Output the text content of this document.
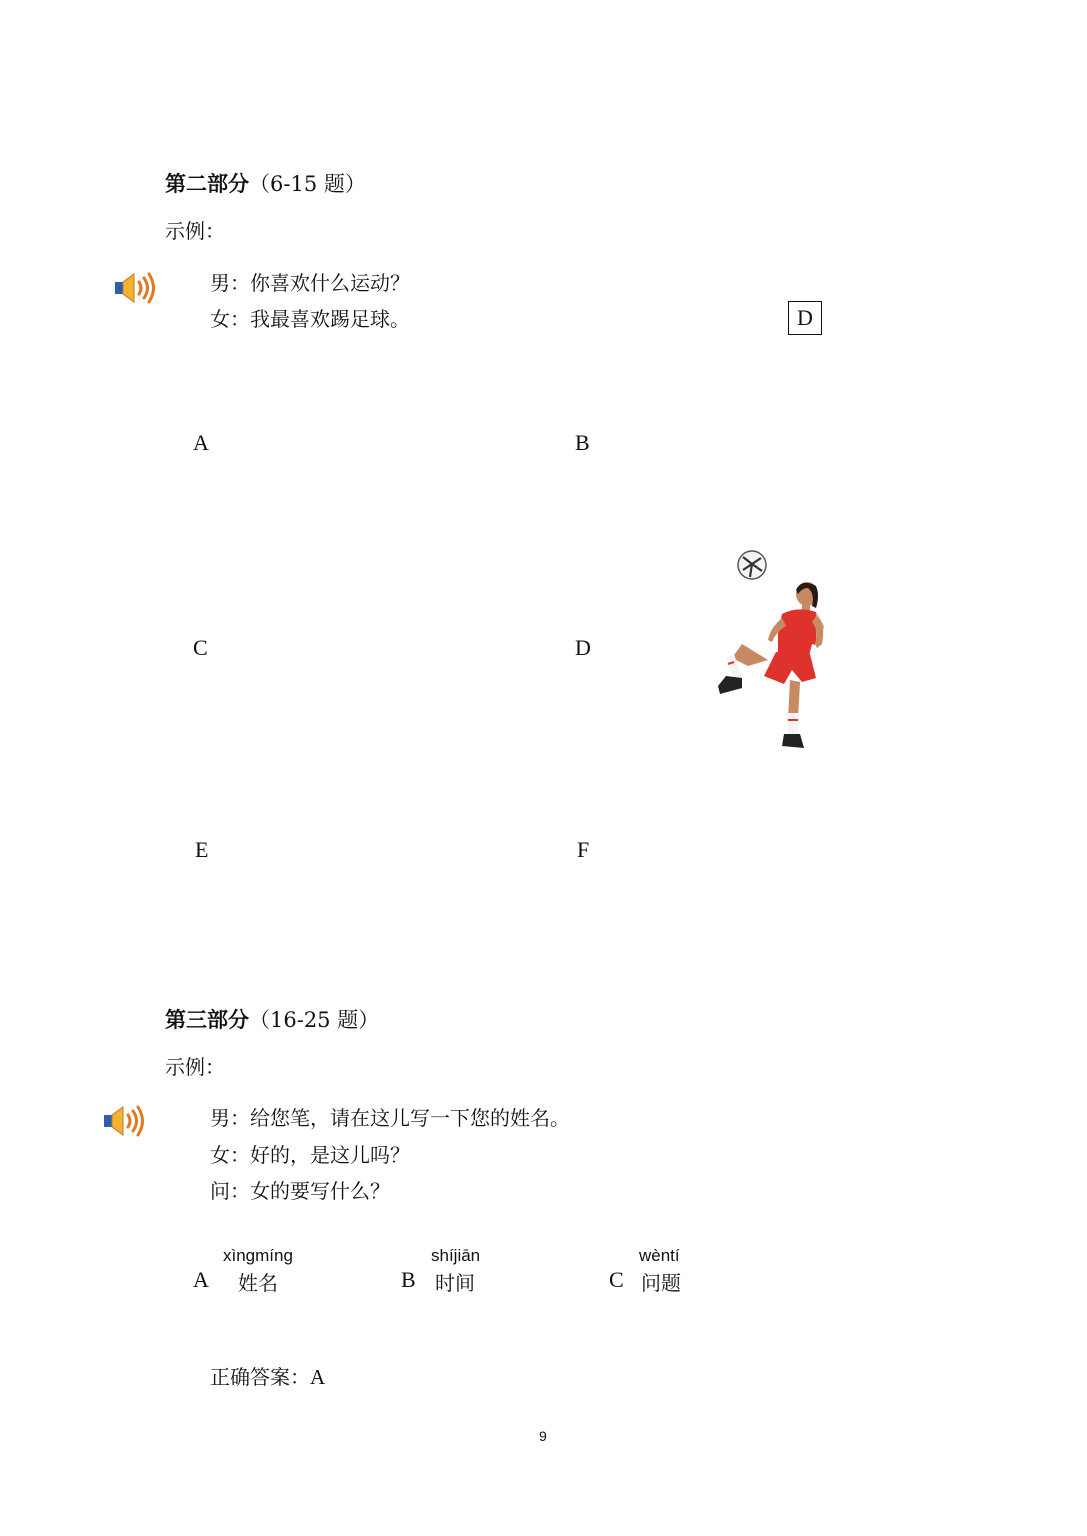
第二部分（6-15 题）
示例：
男：你喜欢什么运动？
女：我最喜欢踢足球。	D
A	B
C	D
E	F
第三部分（16-25 题）
示例：
男：给您笔，请在这儿写一下您的姓名。
女：好的，是这儿吗？
问：女的要写什么？
xìngmíng
A 姓名
shíjiān
B 时间
wèntí
C 问题
正确答案：A
9
